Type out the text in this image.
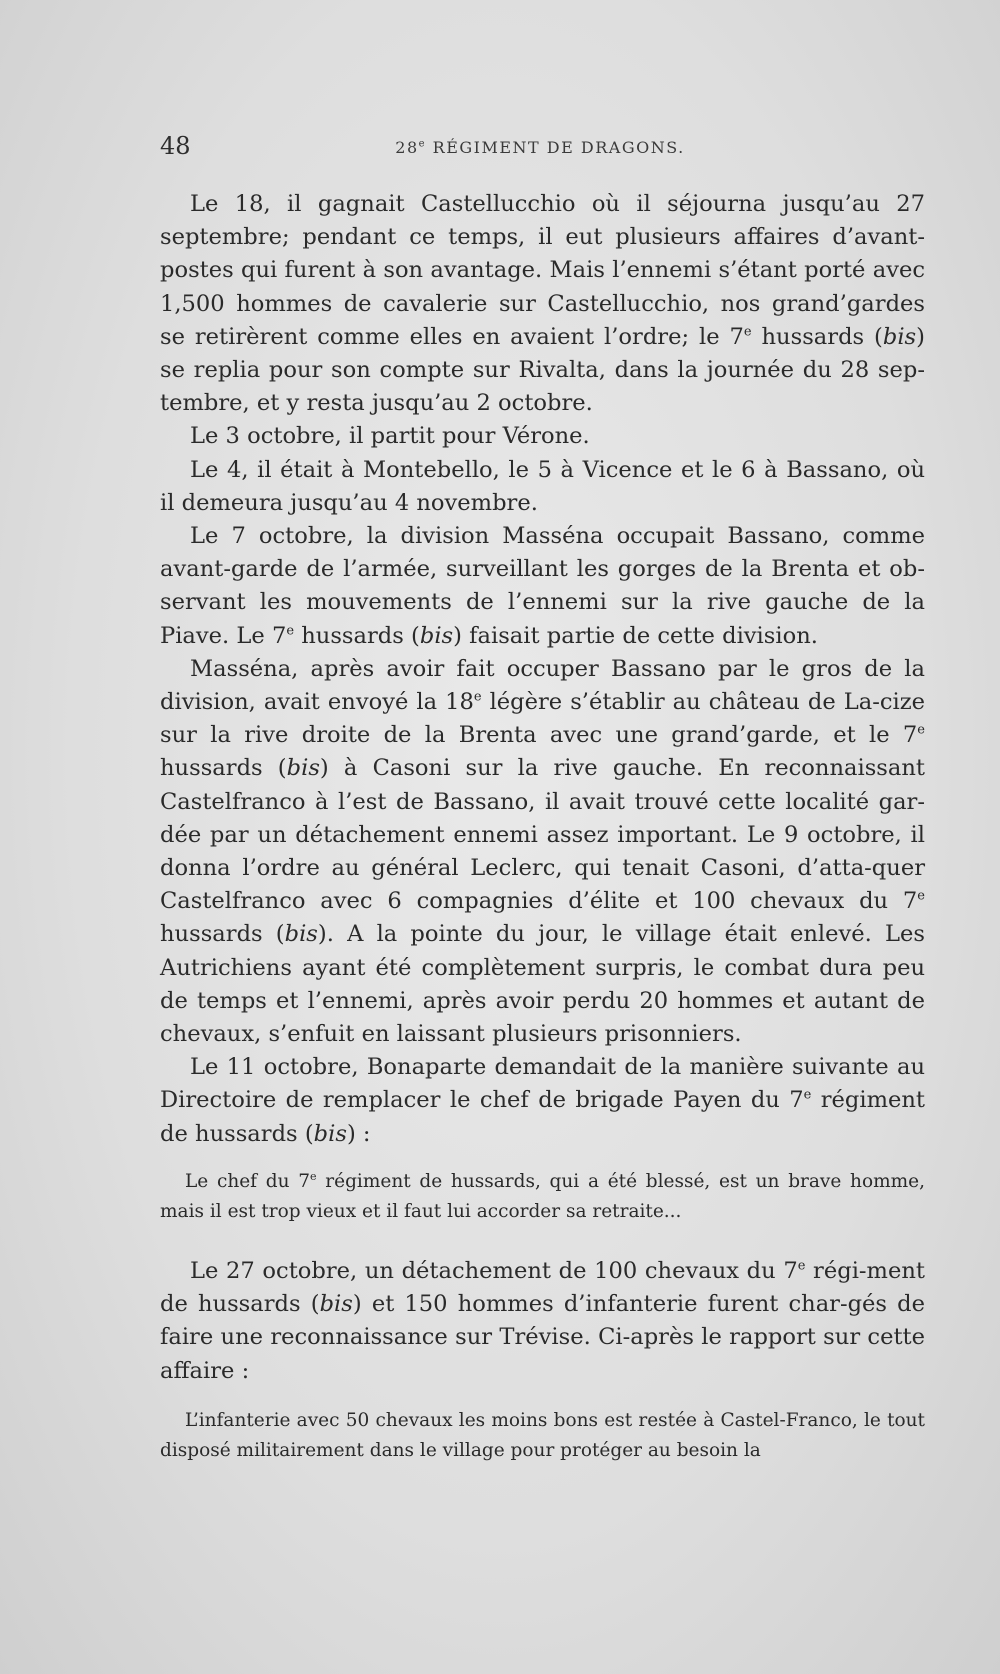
48	28e RÉGIMENT DE DRAGONS.

Le 18, il gagnait Castellucchio où il séjourna jusqu’au 27 septembre; pendant ce temps, il eut plusieurs affaires d’avant-postes qui furent à son avantage. Mais l’ennemi s’étant porté avec 1,500 hommes de cavalerie sur Castellucchio, nos grand’gardes se retirèrent comme elles en avaient l’ordre; le 7e hussards (bis) se replia pour son compte sur Rivalta, dans la journée du 28 sep-tembre, et y resta jusqu’au 2 octobre.

Le 3 octobre, il partit pour Vérone.

Le 4, il était à Montebello, le 5 à Vicence et le 6 à Bassano, où il demeura jusqu’au 4 novembre.

Le 7 octobre, la division Masséna occupait Bassano, comme avant-garde de l’armée, surveillant les gorges de la Brenta et ob-servant les mouvements de l’ennemi sur la rive gauche de la Piave. Le 7e hussards (bis) faisait partie de cette division.

Masséna, après avoir fait occuper Bassano par le gros de la division, avait envoyé la 18e légère s’établir au château de La-cize sur la rive droite de la Brenta avec une grand’garde, et le 7e hussards (bis) à Casoni sur la rive gauche. En reconnaissant Castelfranco à l’est de Bassano, il avait trouvé cette localité gar-dée par un détachement ennemi assez important. Le 9 octobre, il donna l’ordre au général Leclerc, qui tenait Casoni, d’atta-quer Castelfranco avec 6 compagnies d’élite et 100 chevaux du 7e hussards (bis). A la pointe du jour, le village était enlevé. Les Autrichiens ayant été complètement surpris, le combat dura peu de temps et l’ennemi, après avoir perdu 20 hommes et autant de chevaux, s’enfuit en laissant plusieurs prisonniers.

Le 11 octobre, Bonaparte demandait de la manière suivante au Directoire de remplacer le chef de brigade Payen du 7e régiment de hussards (bis) :

Le chef du 7e régiment de hussards, qui a été blessé, est un brave homme, mais il est trop vieux et il faut lui accorder sa retraite...

Le 27 octobre, un détachement de 100 chevaux du 7e régi-ment de hussards (bis) et 150 hommes d’infanterie furent char-gés de faire une reconnaissance sur Trévise. Ci-après le rapport sur cette affaire :

L’infanterie avec 50 chevaux les moins bons est restée à Castel-Franco, le tout disposé militairement dans le village pour protéger au besoin la
